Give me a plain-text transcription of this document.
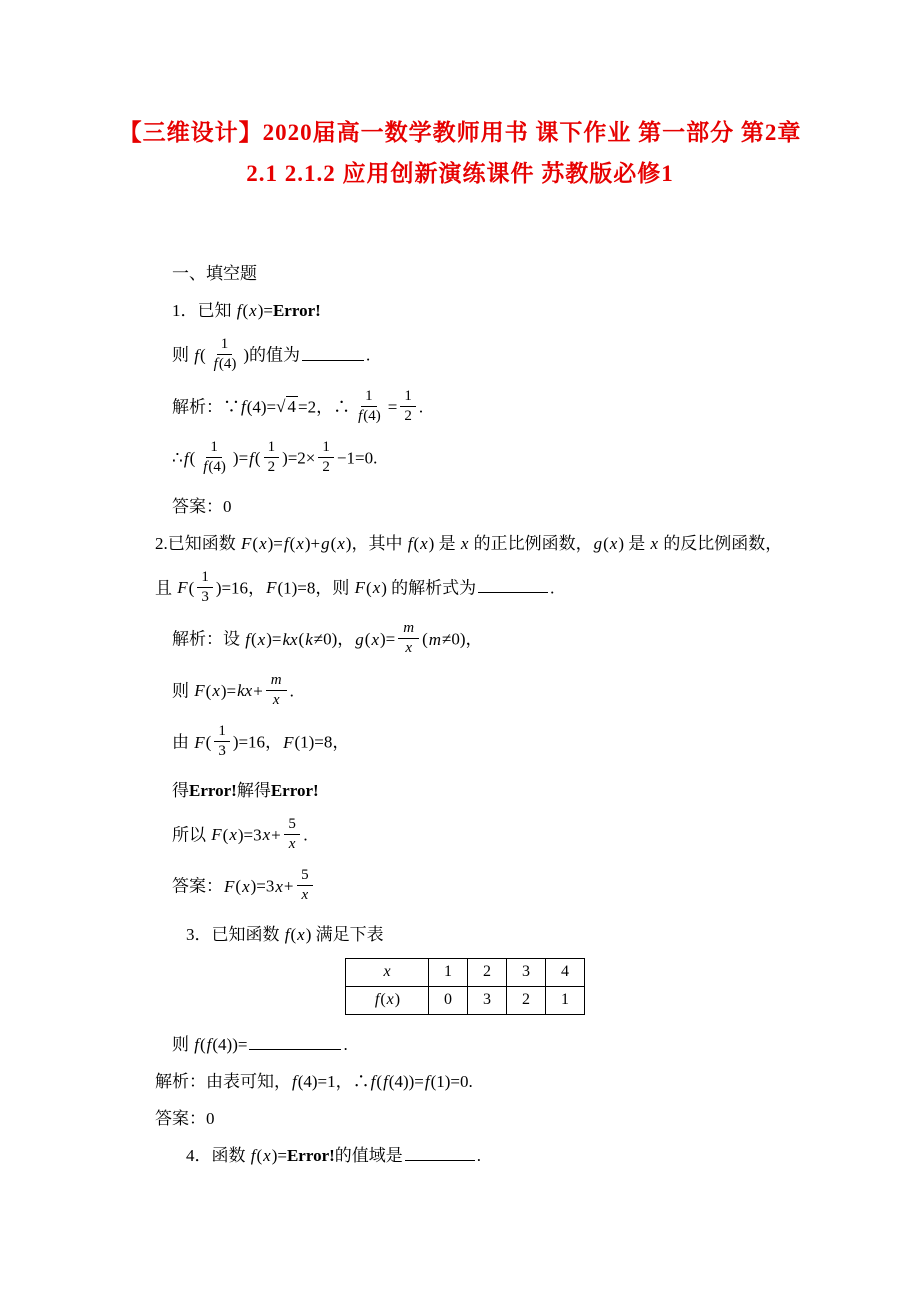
【三维设计】2020届高一数学教师用书 课下作业 第一部分 第2章
2.1 2.1.2 应用创新演练课件 苏教版必修1
一、填空题
1．已知 f(x)=Error!
则 $f( \frac{1}{f(4)}$ )的值为	.
解析：∵f(4)=√ 4 =2，∴ $\frac{1}{f(4)} = \frac{1}{2}$ .
∴f( $\frac{1}{f(4)} )=f( \frac{1}{2} )=2\times \frac{1}{2} -1=0$.
答案：0
2.已知函数 F(x)=f(x)+g(x)，其中 f(x) 是 x 的正比例函数，g(x) 是 x 的反比例函数，
且 $F( \frac{1}{3} )=16$，F(1)=8，则 F(x) 的解析式为	.
解析：设 f(x)=kx(k≠0)，$g(x)= \frac{m}{x} (m\ne 0)$，
则 $F(x)=kx+ \frac{m}{x}$ .
由 $F( \frac{1}{3} )=16$，F(1)=8，
得Error!解得Error!
所以 $F(x)=3x+ \frac{5}{x}$ .
答案：$F(x)=3x+ \frac{5}{x}$
3．已知函数 f(x) 满足下表
x	1	2	3	4
f(x)	0	3	2	1
则 f(f(4))=	.
解析：由表可知，f(4)=1，∴f(f(4))=f(1)=0.
答案：0
4．函数 f(x)=Error!的值域是	.
